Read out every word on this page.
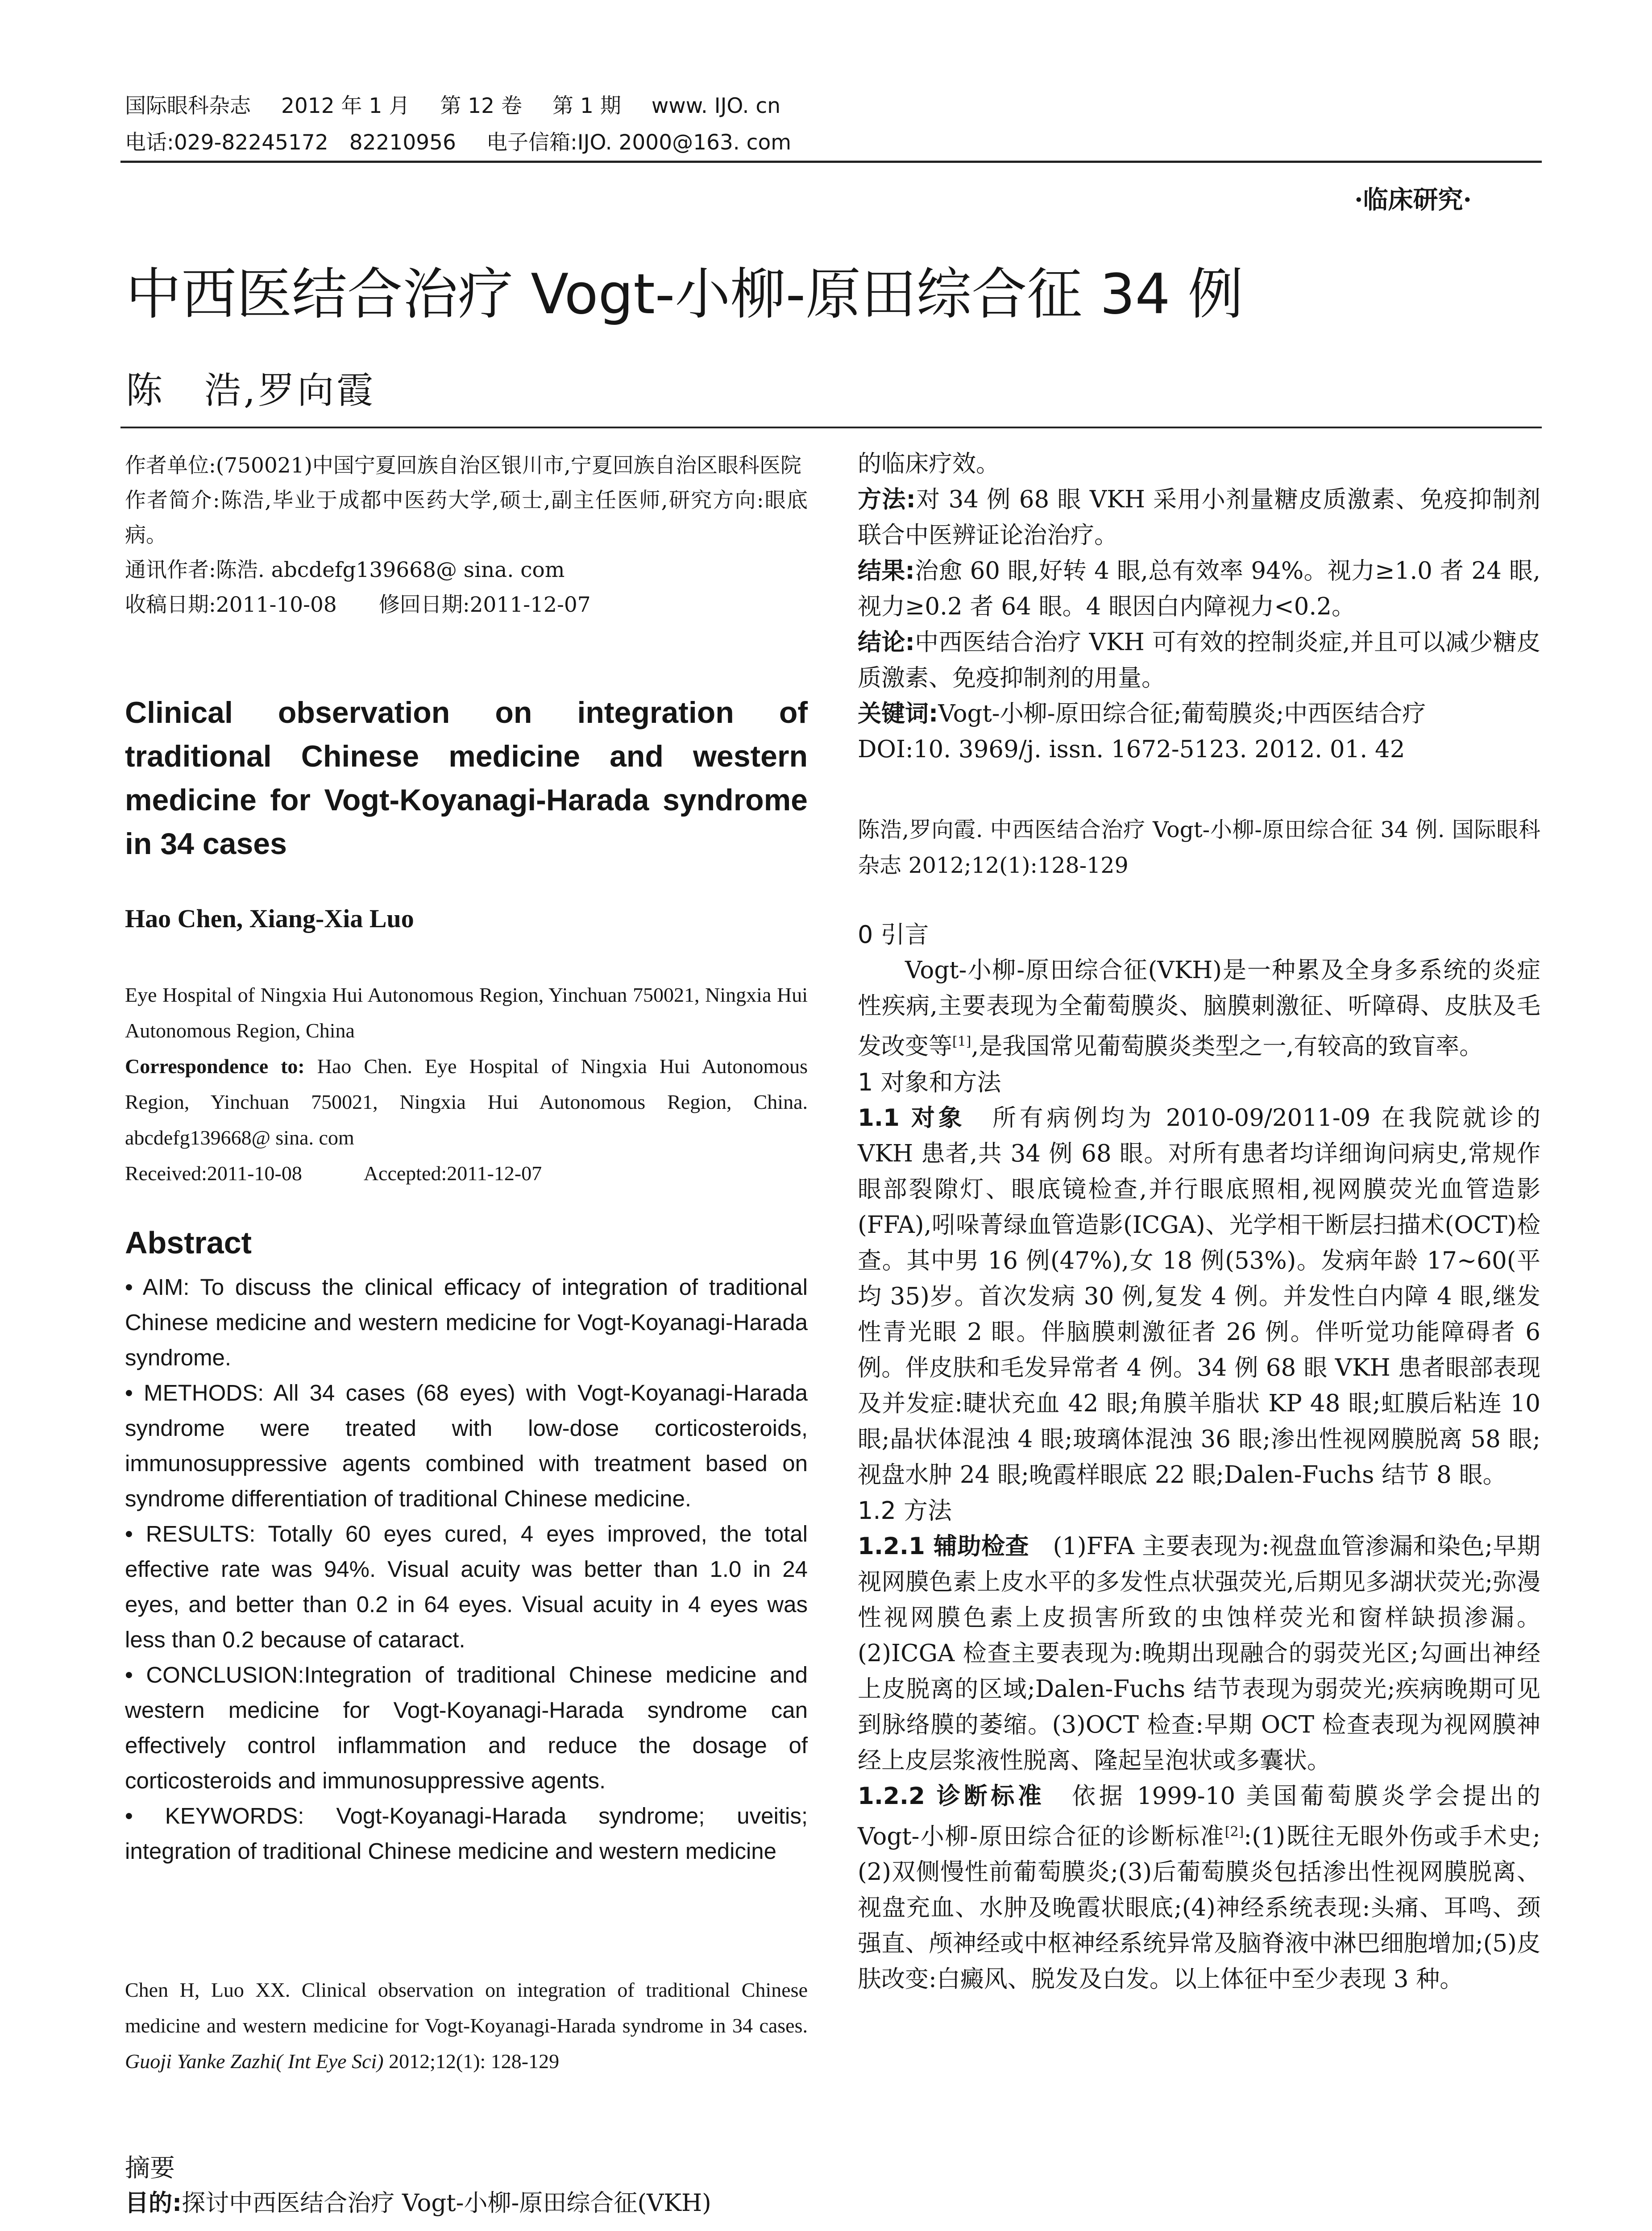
国际眼科杂志 2012 年 1 月 第 12 卷 第 1 期 www. IJO. cn
电话:029-82245172　82210956 电子信箱:IJO. 2000@163. com
·临床研究·
中西医结合治疗 Vogt-小柳-原田综合征 34 例
陈　浩,罗向霞

作者单位:(750021)中国宁夏回族自治区银川市,宁夏回族自治区眼科医院

作者简介:陈浩,毕业于成都中医药大学,硕士,副主任医师,研究方向:眼底病。

通讯作者:陈浩. abcdefg139668@ sina. com

收稿日期:2011-10-08　　修回日期:2011-12-07

Clinical observation on integration of traditional Chinese medicine and western medicine for Vogt-Koyanagi-Harada syndrome in 34 cases
Hao Chen, Xiang-Xia Luo

Eye Hospital of Ningxia Hui Autonomous Region, Yinchuan 750021, Ningxia Hui Autonomous Region, China

Correspondence to: Hao Chen. Eye Hospital of Ningxia Hui Autonomous Region, Yinchuan 750021, Ningxia Hui Autonomous Region, China. abcdefg139668@ sina. com

Received:2011-10-08　　　Accepted:2011-12-07

Abstract

• AIM: To discuss the clinical efficacy of integration of traditional Chinese medicine and western medicine for Vogt-Koyanagi-Harada syndrome.

• METHODS: All 34 cases (68 eyes) with Vogt-Koyanagi-Harada syndrome were treated with low-dose corticosteroids, immunosuppressive agents combined with treatment based on syndrome differentiation of traditional Chinese medicine.

• RESULTS: Totally 60 eyes cured, 4 eyes improved, the total effective rate was 94%. Visual acuity was better than 1.0 in 24 eyes, and better than 0.2 in 64 eyes. Visual acuity in 4 eyes was less than 0.2 because of cataract.

• CONCLUSION:Integration of traditional Chinese medicine and western medicine for Vogt-Koyanagi-Harada syndrome can effectively control inflammation and reduce the dosage of corticosteroids and immunosuppressive agents.

• KEYWORDS: Vogt-Koyanagi-Harada syndrome; uveitis; integration of traditional Chinese medicine and western medicine

Chen H, Luo XX. Clinical observation on integration of traditional Chinese medicine and western medicine for Vogt-Koyanagi-Harada syndrome in 34 cases. Guoji Yanke Zazhi( Int Eye Sci) 2012;12(1): 128-129
摘要
目的:探讨中西医结合治疗 Vogt-小柳-原田综合征(VKH)

的临床疗效。

方法:对 34 例 68 眼 VKH 采用小剂量糖皮质激素、免疫抑制剂联合中医辨证论治治疗。

结果:治愈 60 眼,好转 4 眼,总有效率 94%。视力≥1.0 者 24 眼,视力≥0.2 者 64 眼。4 眼因白内障视力<0.2。

结论:中西医结合治疗 VKH 可有效的控制炎症,并且可以减少糖皮质激素、免疫抑制剂的用量。

关键词:Vogt-小柳-原田综合征;葡萄膜炎;中西医结合疗

DOI:10. 3969/j. issn. 1672-5123. 2012. 01. 42

陈浩,罗向霞. 中西医结合治疗 Vogt-小柳-原田综合征 34 例. 国际眼科杂志 2012;12(1):128-129

0 引言

Vogt-小柳-原田综合征(VKH)是一种累及全身多系统的炎症性疾病,主要表现为全葡萄膜炎、脑膜刺激征、听障碍、皮肤及毛发改变等[1],是我国常见葡萄膜炎类型之一,有较高的致盲率。

1 对象和方法

1.1 对象　所有病例均为 2010-09/2011-09 在我院就诊的 VKH 患者,共 34 例 68 眼。对所有患者均详细询问病史,常规作眼部裂隙灯、眼底镜检查,并行眼底照相,视网膜荧光血管造影(FFA),吲哚菁绿血管造影(ICGA)、光学相干断层扫描术(OCT)检查。其中男 16 例(47%),女 18 例(53%)。发病年龄 17~60(平均 35)岁。首次发病 30 例,复发 4 例。并发性白内障 4 眼,继发性青光眼 2 眼。伴脑膜刺激征者 26 例。伴听觉功能障碍者 6 例。伴皮肤和毛发异常者 4 例。34 例 68 眼 VKH 患者眼部表现及并发症:睫状充血 42 眼;角膜羊脂状 KP 48 眼;虹膜后粘连 10 眼;晶状体混浊 4 眼;玻璃体混浊 36 眼;渗出性视网膜脱离 58 眼;视盘水肿 24 眼;晚霞样眼底 22 眼;Dalen-Fuchs 结节 8 眼。

1.2 方法

1.2.1 辅助检查　(1)FFA 主要表现为:视盘血管渗漏和染色;早期视网膜色素上皮水平的多发性点状强荧光,后期见多湖状荧光;弥漫性视网膜色素上皮损害所致的虫蚀样荧光和窗样缺损渗漏。(2)ICGA 检查主要表现为:晚期出现融合的弱荧光区;勾画出神经上皮脱离的区域;Dalen-Fuchs 结节表现为弱荧光;疾病晚期可见到脉络膜的萎缩。(3)OCT 检查:早期 OCT 检查表现为视网膜神经上皮层浆液性脱离、隆起呈泡状或多囊状。

1.2.2 诊断标准　依据 1999-10 美国葡萄膜炎学会提出的 Vogt-小柳-原田综合征的诊断标准[2]:(1)既往无眼外伤或手术史;(2)双侧慢性前葡萄膜炎;(3)后葡萄膜炎包括渗出性视网膜脱离、视盘充血、水肿及晚霞状眼底;(4)神经系统表现:头痛、耳鸣、颈强直、颅神经或中枢神经系统异常及脑脊液中淋巴细胞增加;(5)皮肤改变:白癜风、脱发及白发。以上体征中至少表现 3 种。
